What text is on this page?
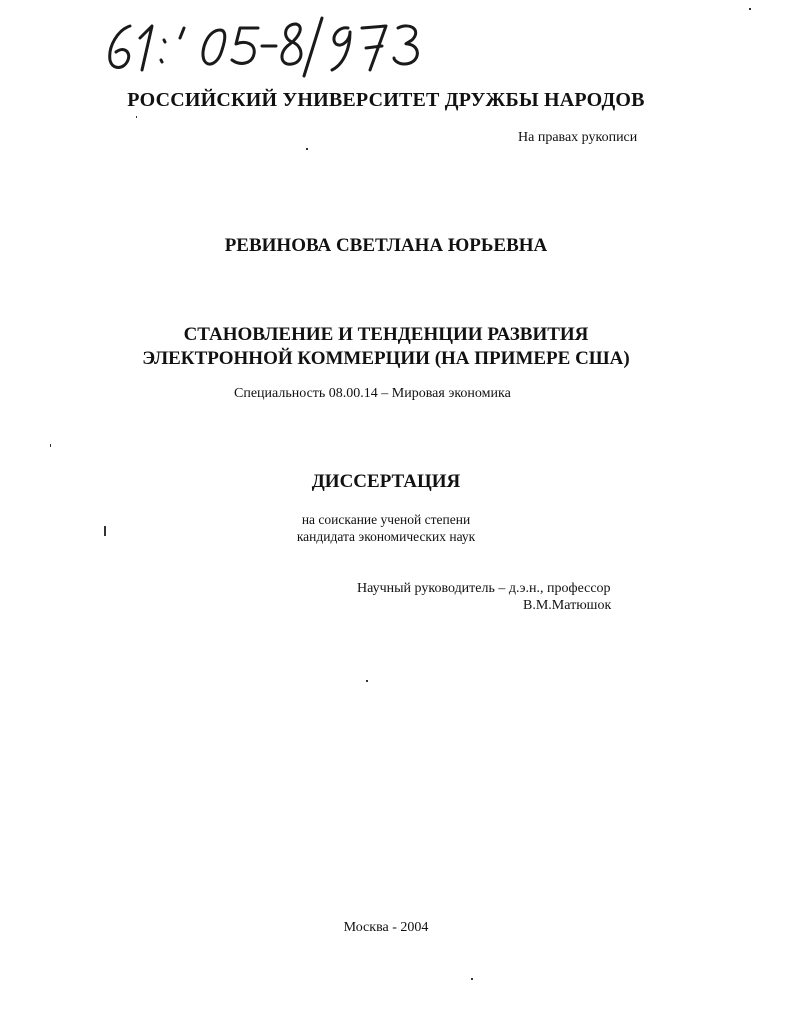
РОССИЙСКИЙ УНИВЕРСИТЕТ ДРУЖБЫ НАРОДОВ
На правах рукописи
РЕВИНОВА СВЕТЛАНА ЮРЬЕВНА
СТАНОВЛЕНИЕ И ТЕНДЕНЦИИ РАЗВИТИЯ
ЭЛЕКТРОННОЙ КОММЕРЦИИ (НА ПРИМЕРЕ США)
Специальность 08.00.14 – Мировая экономика
ДИССЕРТАЦИЯ
на соискание ученой степени
кандидата экономических наук
Научный руководитель – д.э.н., профессор
В.М.Матюшок
Москва - 2004
